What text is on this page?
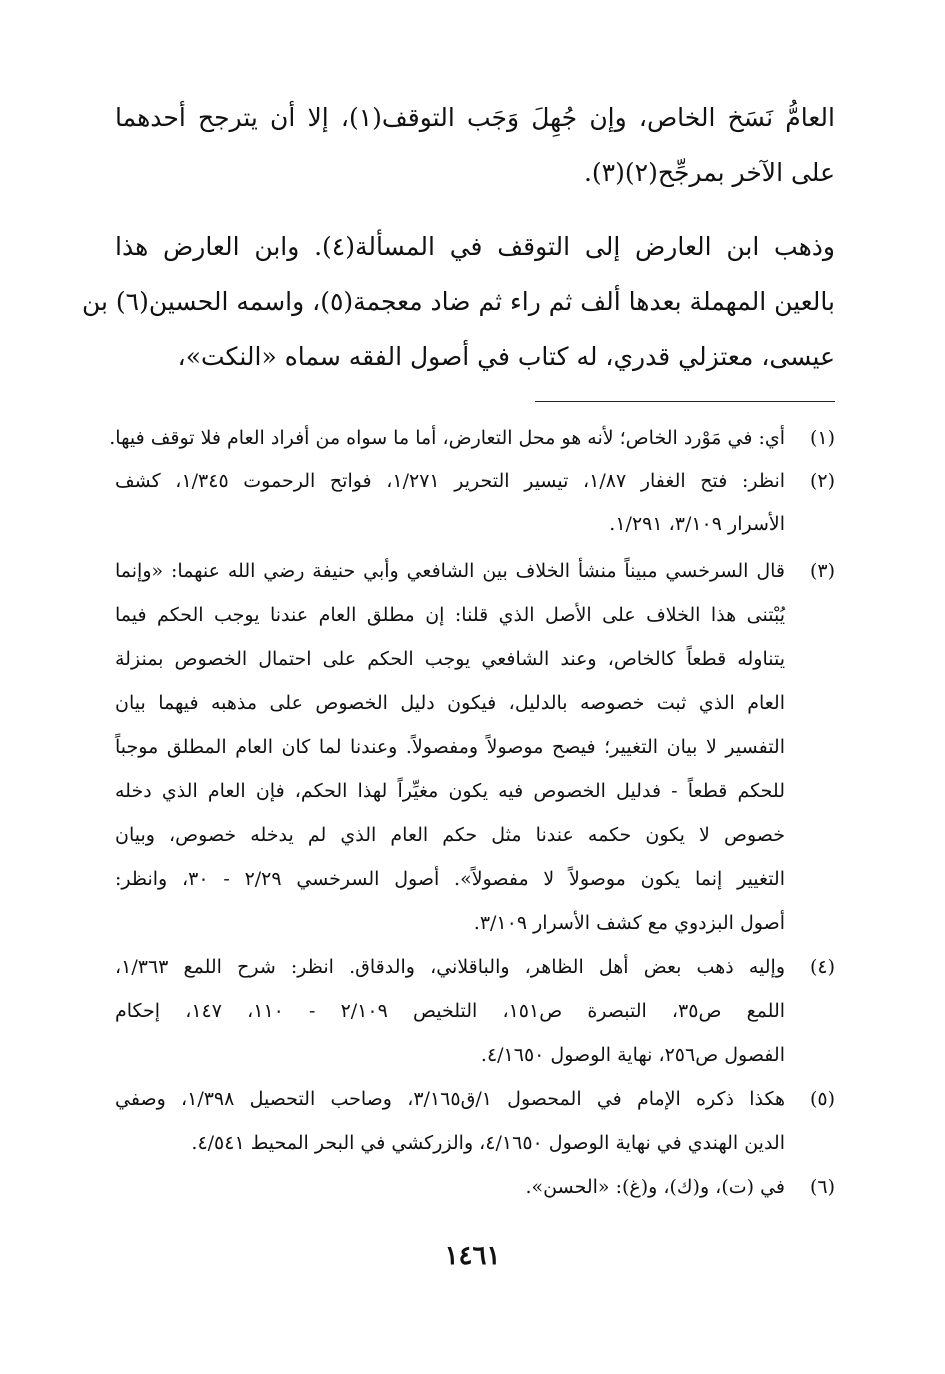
العامُّ نَسَخ الخاص، وإن جُهِلَ وَجَب التوقف(١)، إلا أن يترجح أحدهما
على الآخر بمرجِّح(٢)(٣).
وذهب ابن العارض إلى التوقف في المسألة(٤). وابن العارض هذا
بالعين المهملة بعدها ألف ثم راء ثم ضاد معجمة(٥)، واسمه الحسين(٦) بن
عيسى، معتزلي قدري، له كتاب في أصول الفقه سماه «النكت»،
(١)
أي: في مَوْرد الخاص؛ لأنه هو محل التعارض، أما ما سواه من أفراد العام فلا توقف فيها.
(٢)
انظر: فتح الغفار ١/٨٧، تيسير التحرير ١/٢٧١، فواتح الرحموت ١/٣٤٥، كشف
الأسرار ٣/١٠٩، ١/٢٩١.
(٣)
قال السرخسي مبيناً منشأ الخلاف بين الشافعي وأبي حنيفة رضي الله عنهما: «وإنما
يُبْتنى هذا الخلاف على الأصل الذي قلنا: إن مطلق العام عندنا يوجب الحكم فيما
يتناوله قطعاً كالخاص، وعند الشافعي يوجب الحكم على احتمال الخصوص بمنزلة
العام الذي ثبت خصوصه بالدليل، فيكون دليل الخصوص على مذهبه فيهما بيان
التفسير لا بيان التغيير؛ فيصح موصولاً ومفصولاً. وعندنا لما كان العام المطلق موجباً
للحكم قطعاً - فدليل الخصوص فيه يكون مغيِّراً لهذا الحكم، فإن العام الذي دخله
خصوص لا يكون حكمه عندنا مثل حكم العام الذي لم يدخله خصوص، وبيان
التغيير إنما يكون موصولاً لا مفصولاً». أصول السرخسي ٢/٢٩ - ٣٠، وانظر:
أصول البزدوي مع كشف الأسرار ٣/١٠٩.
(٤)
وإليه ذهب بعض أهل الظاهر، والباقلاني، والدقاق. انظر: شرح اللمع ١/٣٦٣،
اللمع ص٣٥، التبصرة ص١٥١، التلخيص ٢/١٠٩ - ١١٠، ١٤٧، إحكام
الفصول ص٢٥٦، نهاية الوصول ٤/١٦٥٠.
(٥)
هكذا ذكره الإمام في المحصول ١/ق٣/١٦٥، وصاحب التحصيل ١/٣٩٨، وصفي
الدين الهندي في نهاية الوصول ٤/١٦٥٠، والزركشي في البحر المحيط ٤/٥٤١.
(٦)
في (ت)، و(ك)، و(غ): «الحسن».
١٤٦١
